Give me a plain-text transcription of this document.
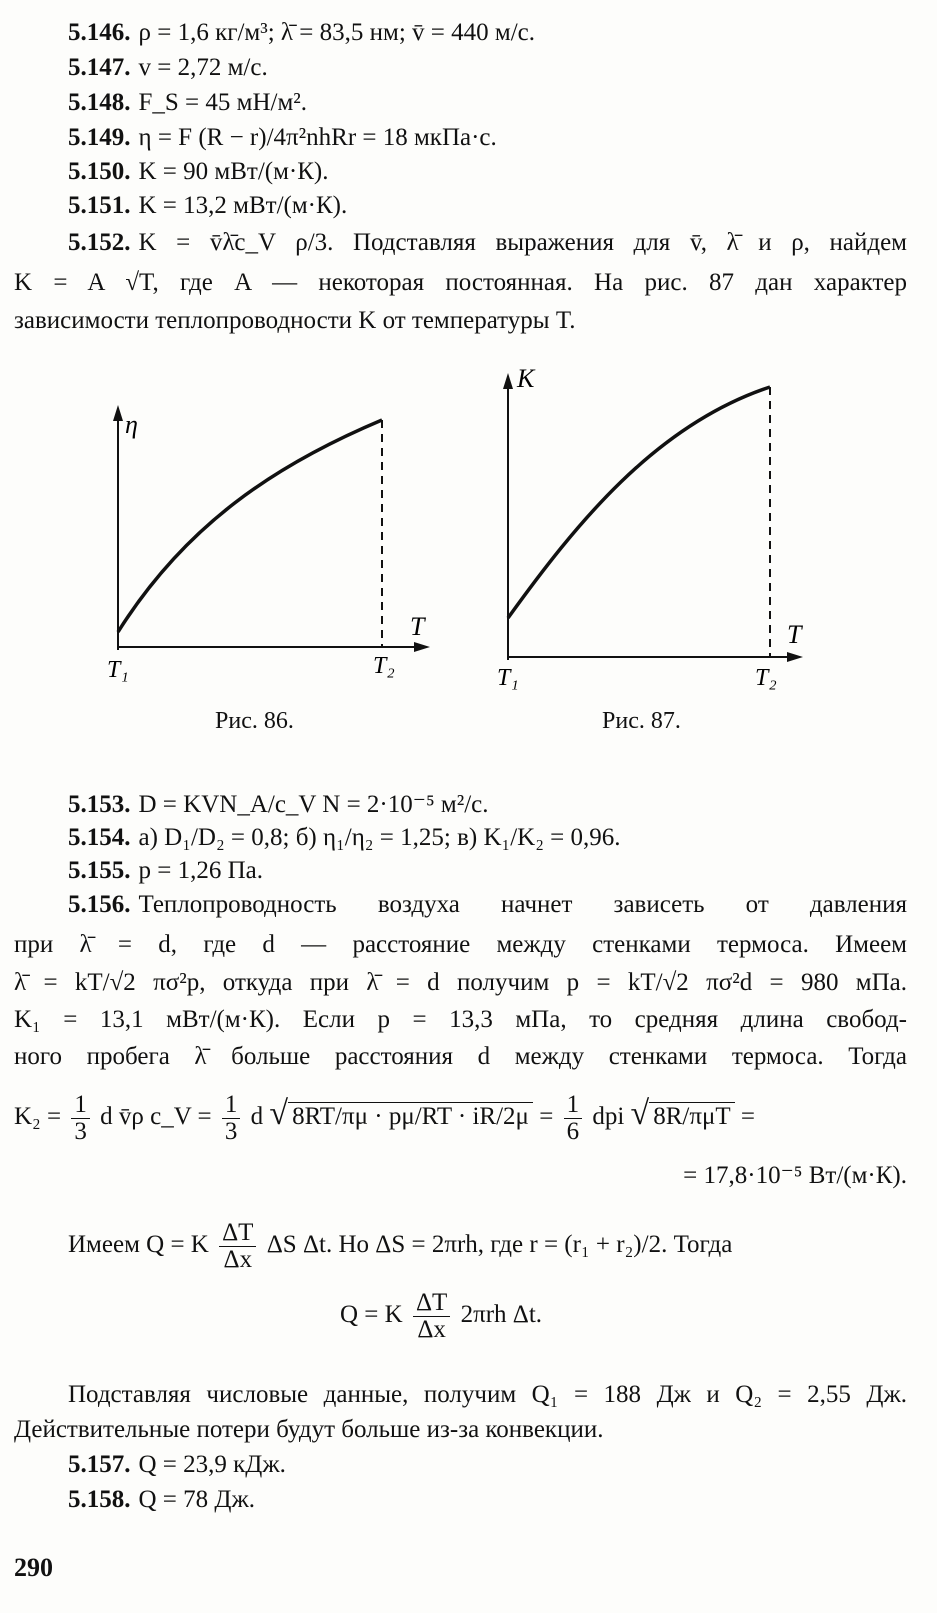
5.146. ρ = 1,6 кг/м³; λ̄ = 83,5 нм; v̄ = 440 м/с.
5.147. v = 2,72 м/с.
5.148. F_S = 45 мН/м².
5.149. η = F (R − r)/4π²nhRr = 18 мкПа·с.
5.150. K = 90 мВт/(м·К).
5.151. K = 13,2 мВт/(м·К).
5.152. K = v̄λ̄c_V ρ/3. Подставляя выражения для v̄, λ̄ и ρ, найдем
K = A √T, где A — некоторая постоянная. На рис. 87 дан характер
зависимости теплопроводности K от температуры T.
η
T
T₁	T₂
Рис. 86.
K
T
T₁	T₂
Рис. 87.
5.153. D = KVN_A/c_V N = 2·10⁻⁵ м²/с.
5.154. а) D₁/D₂ = 0,8; б) η₁/η₂ = 1,25; в) K₁/K₂ = 0,96.
5.155. p = 1,26 Па.
5.156. Теплопроводность воздуха начнет зависеть от давления
при λ̄ = d, где d — расстояние между стенками термоса. Имеем
λ̄ = kT/√2 πσ²p, откуда при λ̄ = d получим p = kT/√2 πσ²d = 980 мПа.
K₁ = 13,1 мВт/(м·К). Если p = 13,3 мПа, то средняя длина свобод-
ного пробега λ̄ больше расстояния d между стенками термоса. Тогда
$K_2 = \frac{1}{3}$ d v̄ρ c_V = $\frac{1}{3}$ d √ $8RT/\pi\mu \cdot p\mu/RT \cdot iR/2\mu = \frac{1}{6}$ dpi √ 8R/πμT =
= 17,8·10⁻⁵ Вт/(м·К).
Имеем Q = K $\frac{\Delta T}{\Delta x}$ ΔS Δt. Но ΔS = 2πrh, где r = (r₁ + r₂)/2. Тогда
Q = K $\frac{\Delta T}{\Delta x} 2\pi rh$ Δt.
Подставляя числовые данные, получим Q₁ = 188 Дж и Q₂ = 2,55 Дж.
Действительные потери будут больше из-за конвекции.
5.157. Q = 23,9 кДж.
5.158. Q = 78 Дж.
290
